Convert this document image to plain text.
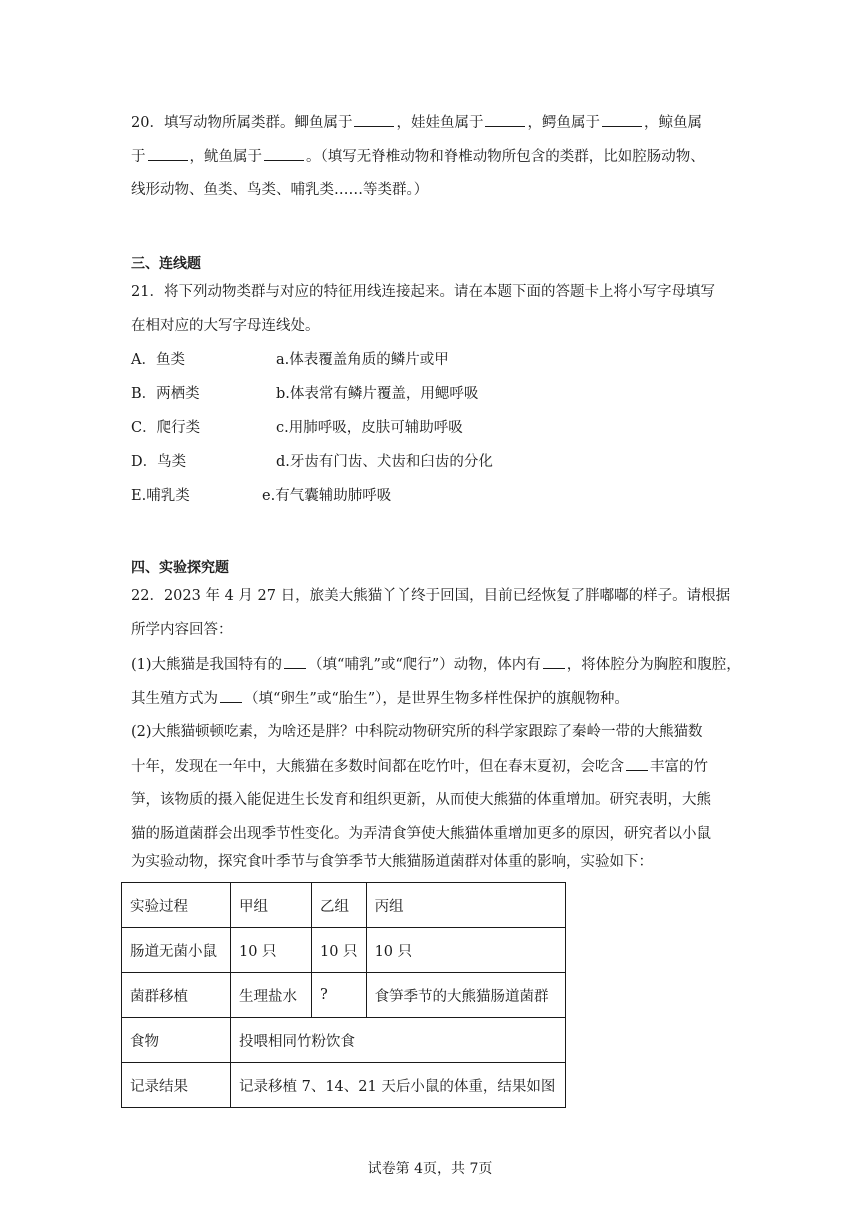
20．填写动物所属类群。鲫鱼属于	，娃娃鱼属于	，鳄鱼属于	，鲸鱼属
于	，鱿鱼属于	。（填写无脊椎动物和脊椎动物所包含的类群，比如腔肠动物、
线形动物、鱼类、鸟类、哺乳类……等类群。）
三、连线题
21．将下列动物类群与对应的特征用线连接起来。请在本题下面的答题卡上将小写字母填写
在相对应的大写字母连线处。
A．鱼类	a.体表覆盖角质的鳞片或甲
B．两栖类	b.体表常有鳞片覆盖，用鳃呼吸
C．爬行类	c.用肺呼吸，皮肤可辅助呼吸
D．鸟类	d.牙齿有门齿、犬齿和臼齿的分化
E.哺乳类	e.有气囊辅助肺呼吸
四、实验探究题
22．2023 年 4 月 27 日，旅美大熊猫丫丫终于回国，目前已经恢复了胖嘟嘟的样子。请根据
所学内容回答：
(1)大熊猫是我国特有的 （填“哺乳”或“爬行”）动物，体内有 ，将体腔分为胸腔和腹腔，
其生殖方式为 （填“卵生”或“胎生”），是世界生物多样性保护的旗舰物种。
(2)大熊猫顿顿吃素，为啥还是胖？中科院动物研究所的科学家跟踪了秦岭一带的大熊猫数
十年，发现在一年中，大熊猫在多数时间都在吃竹叶，但在春末夏初，会吃含 丰富的竹
笋，该物质的摄入能促进生长发育和组织更新，从而使大熊猫的体重增加。研究表明，大熊
猫的肠道菌群会出现季节性变化。为弄清食笋使大熊猫体重增加更多的原因，研究者以小鼠
为实验动物，探究食叶季节与食笋季节大熊猫肠道菌群对体重的影响，实验如下：
实验过程	甲组	乙组	丙组
肠道无菌小鼠	10 只	10 只	10 只
菌群移植	生理盐水	?	食笋季节的大熊猫肠道菌群
食物	投喂相同竹粉饮食		
记录结果	记录移植 7、14、21 天后小鼠的体重，结果如图		
试卷第 4页，共 7页
